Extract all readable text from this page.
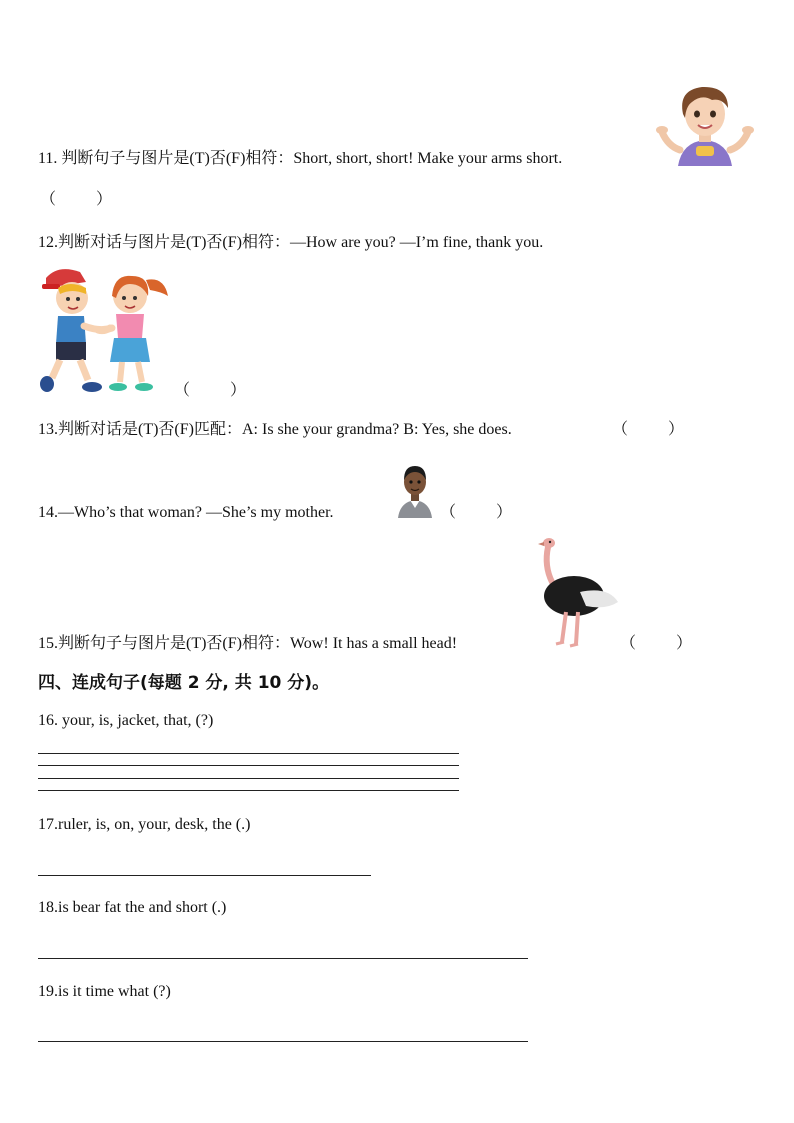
11. 判断句子与图片是(T)否(F)相符：Short, short, short! Make your arms short.
（          ）
12.判断对话与图片是(T)否(F)相符：—How are you? —I’m fine, thank you.
（          ）
13.判断对话是(T)否(F)匹配：A: Is she your grandma? B: Yes, she does.	（          ）
14.—Who’s that woman? —She’s my mother.	（          ）
15.判断句子与图片是(T)否(F)相符：Wow! It has a small head!	（          ）
四、连成句子(每题 2 分, 共 10 分)。
16. your, is, jacket, that, (?)
17.ruler, is, on, your, desk, the (.)
18.is bear fat the and short (.)
19.is it time what (?)
